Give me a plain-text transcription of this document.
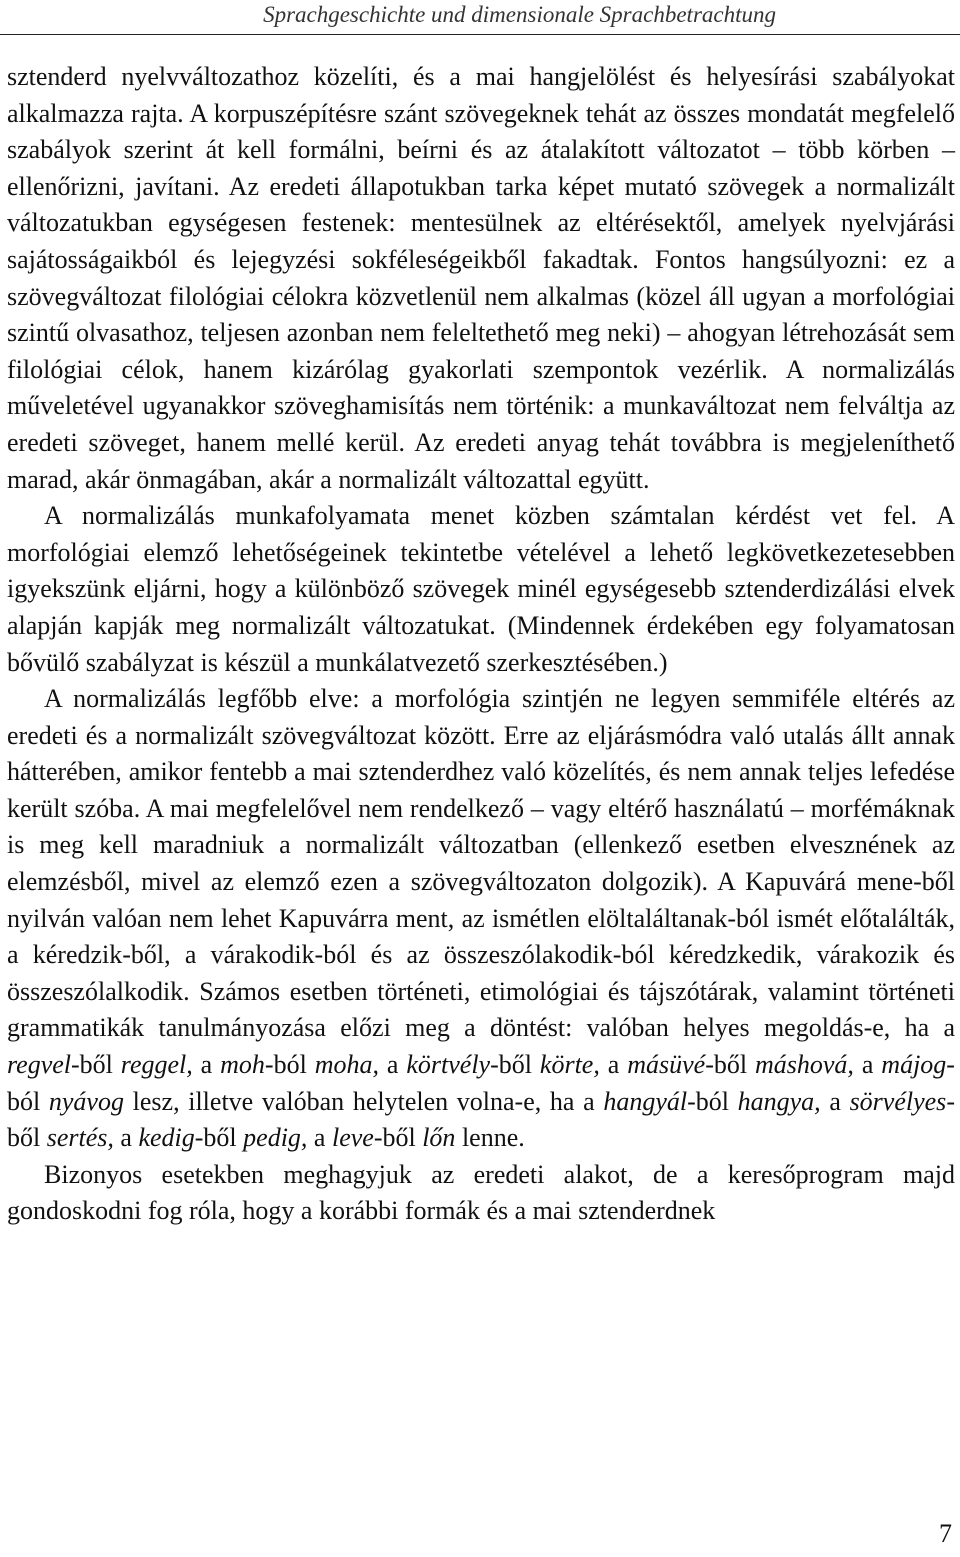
Sprachgeschichte und dimensionale Sprachbetrachtung

sztenderd nyelvváltozathoz közelíti, és a mai hangjelölést és helyesírási szabályokat alkalmazza rajta. A korpuszépítésre szánt szövegeknek tehát az összes mondatát megfelelő szabályok szerint át kell formálni, beírni és az átalakított változatot – több körben – ellenőrizni, javítani. Az eredeti állapotukban tarka képet mutató szövegek a normalizált változatukban egységesen festenek: mentesülnek az eltérésektől, amelyek nyelvjárási sajátosságaikból és lejegyzési sokféleségeikből fakadtak. Fontos hangsúlyozni: ez a szövegváltozat filológiai célokra közvetlenül nem alkalmas (közel áll ugyan a morfológiai szintű olvasathoz, teljesen azonban nem feleltethető meg neki) – ahogyan létrehozását sem filológiai célok, hanem kizárólag gyakorlati szempontok vezérlik. A normalizálás műveletével ugyanakkor szöveghamisítás nem történik: a munkaváltozat nem felváltja az eredeti szöveget, hanem mellé kerül. Az eredeti anyag tehát továbbra is megjeleníthető marad, akár önmagában, akár a normalizált változattal együtt.

A normalizálás munkafolyamata menet közben számtalan kérdést vet fel. A morfológiai elemző lehetőségeinek tekintetbe vételével a lehető legkövetkezetesebben igyekszünk eljárni, hogy a különböző szövegek minél egységesebb sztenderdizálási elvek alapján kapják meg normalizált változatukat. (Mindennek érdekében egy folyamatosan bővülő szabályzat is készül a munkálatvezető szerkesztésében.)

A normalizálás legfőbb elve: a morfológia szintjén ne legyen semmiféle eltérés az eredeti és a normalizált szövegváltozat között. Erre az eljárásmódra való utalás állt annak hátterében, amikor fentebb a mai sztenderdhez való közelítés, és nem annak teljes lefedése került szóba. A mai megfelelővel nem rendelkező – vagy eltérő használatú – morfémáknak is meg kell maradniuk a normalizált változatban (ellenkező esetben elvesznének az elemzésből, mivel az elemző ezen a szövegváltozaton dolgozik). A Kapuvárá mene-ből nyilván valóan nem lehet Kapuvárra ment, az ismétlen elöltaláltanak-ból ismét előtalálták, a kéredzik-ből, a várakodik-ból és az összeszólakodik-ból kéredzkedik, várakozik és összeszólalkodik. Számos esetben történeti, etimológiai és tájszótárak, valamint történeti grammatikák tanulmányozása előzi meg a döntést: valóban helyes megoldás-e, ha a regvel-ből reggel, a moh-ból moha, a körtvély-ből körte, a másüvé-ből máshová, a májog-ból nyávog lesz, illetve valóban helytelen volna-e, ha a hangyál-ból hangya, a sörvélyes-ből sertés, a kedig-ből pedig, a leve-ből lőn lenne.

Bizonyos esetekben meghagyjuk az eredeti alakot, de a keresőprogram majd gondoskodni fog róla, hogy a korábbi formák és a mai sztenderdnek

7
